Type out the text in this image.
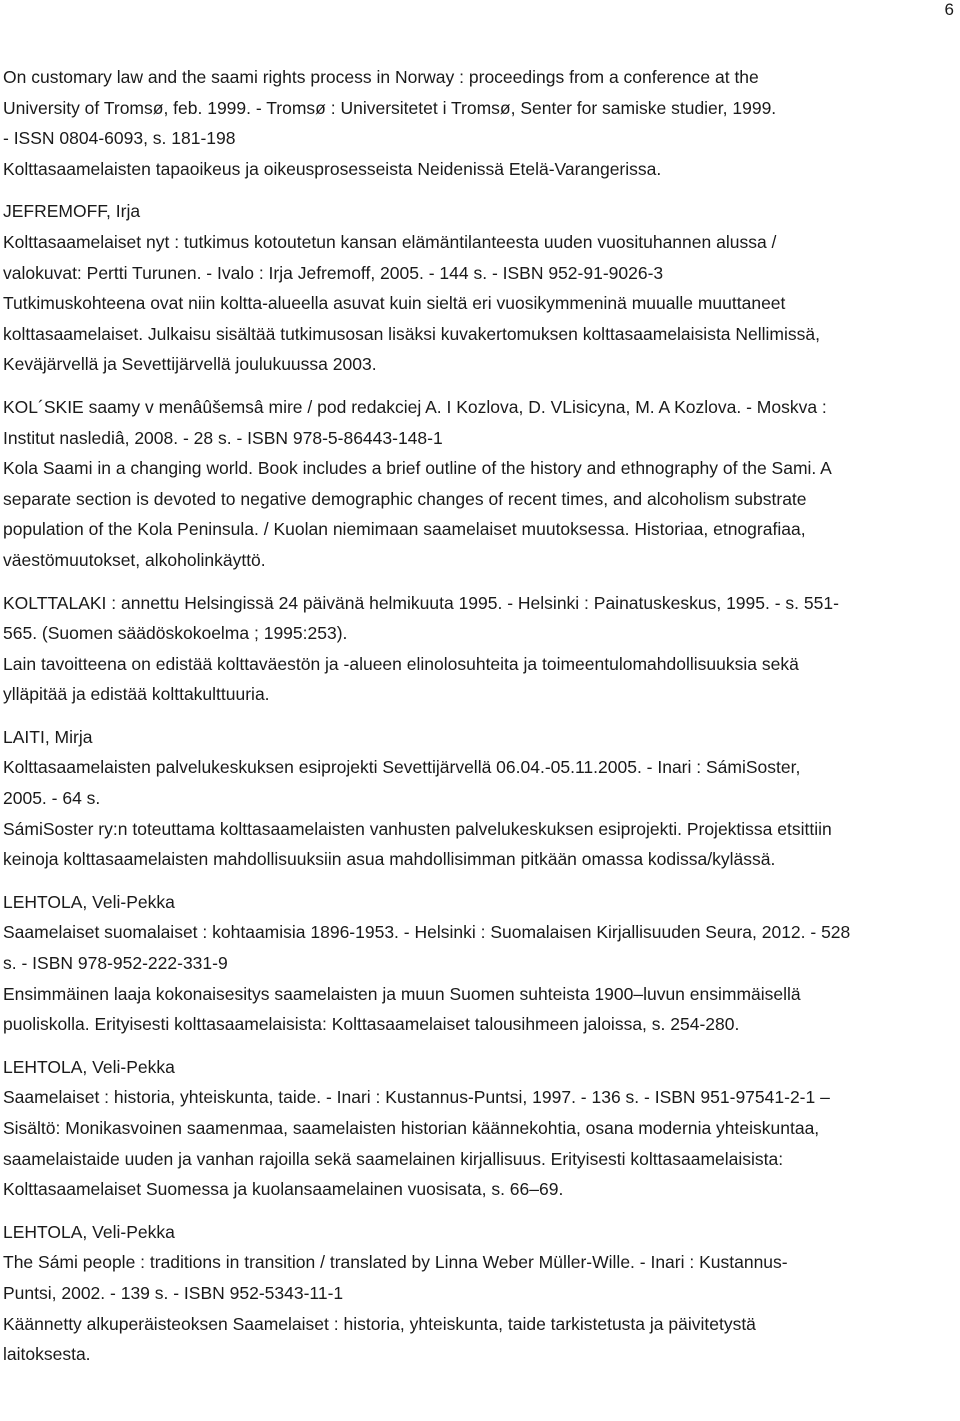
6
On customary law and the saami rights process in Norway : proceedings from a conference at the
University of Tromsø, feb. 1999. - Tromsø : Universitetet i Tromsø, Senter for samiske studier, 1999.
- ISSN 0804-6093, s. 181-198
Kolttasaamelaisten tapaoikeus ja oikeusprosesseista Neidenissä Etelä-Varangerissa.
JEFREMOFF, Irja
Kolttasaamelaiset nyt : tutkimus kotoutetun kansan elämäntilanteesta uuden vuosituhannen alussa /
valokuvat: Pertti Turunen. - Ivalo : Irja Jefremoff, 2005. - 144 s. - ISBN 952-91-9026-3
Tutkimuskohteena ovat niin koltta-alueella asuvat kuin sieltä eri vuosikymmeninä muualle muuttaneet
kolttasaamelaiset. Julkaisu sisältää tutkimusosan lisäksi kuvakertomuksen kolttasaamelaisista Nellimissä,
Keväjärvellä ja Sevettijärvellä joulukuussa 2003.
KOL´SKIE saamy v menâûšemsâ mire / pod redakciej A. I Kozlova, D. VLisicyna, M. A Kozlova. - Moskva :
Institut naslediâ, 2008. - 28 s. - ISBN 978-5-86443-148-1
Kola Saami in a changing world. Book includes a brief outline of the history and ethnography of the Sami. A
separate section is devoted to negative demographic changes of recent times, and alcoholism substrate
population of the Kola Peninsula. / Kuolan niemimaan saamelaiset muutoksessa. Historiaa, etnografiaa,
väestömuutokset, alkoholinkäyttö.
KOLTTALAKI : annettu Helsingissä 24 päivänä helmikuuta 1995. - Helsinki : Painatuskeskus, 1995. - s. 551-
565. (Suomen säädöskokoelma ; 1995:253).
Lain tavoitteena on edistää kolttaväestön ja -alueen elinolosuhteita ja toimeentulomahdollisuuksia sekä
ylläpitää ja edistää kolttakulttuuria.
LAITI, Mirja
Kolttasaamelaisten palvelukeskuksen esiprojekti Sevettijärvellä 06.04.-05.11.2005. - Inari : SámiSoster,
2005. - 64 s.
SámiSoster ry:n toteuttama kolttasaamelaisten vanhusten palvelukeskuksen esiprojekti. Projektissa etsittiin
keinoja kolttasaamelaisten mahdollisuuksiin asua mahdollisimman pitkään omassa kodissa/kylässä.
LEHTOLA, Veli-Pekka
Saamelaiset suomalaiset : kohtaamisia 1896-1953. - Helsinki : Suomalaisen Kirjallisuuden Seura, 2012. - 528
s. - ISBN 978-952-222-331-9
Ensimmäinen laaja kokonaisesitys saamelaisten ja muun Suomen suhteista 1900–luvun ensimmäisellä
puoliskolla. Erityisesti kolttasaamelaisista: Kolttasaamelaiset talousihmeen jaloissa, s. 254-280.
LEHTOLA, Veli-Pekka
Saamelaiset : historia, yhteiskunta, taide. - Inari : Kustannus-Puntsi, 1997. - 136 s. - ISBN 951-97541-2-1 –
Sisältö: Monikasvoinen saamenmaa, saamelaisten historian käännekohtia, osana modernia yhteiskuntaa,
saamelaistaide uuden ja vanhan rajoilla sekä saamelainen kirjallisuus. Erityisesti kolttasaamelaisista:
Kolttasaamelaiset Suomessa ja kuolansaamelainen vuosisata, s. 66–69.
LEHTOLA, Veli-Pekka
The Sámi people : traditions in transition / translated by Linna Weber Müller-Wille. - Inari : Kustannus-
Puntsi, 2002. - 139 s. - ISBN 952-5343-11-1
Käännetty alkuperäisteoksen Saamelaiset : historia, yhteiskunta, taide tarkistetusta ja päivitetystä
laitoksesta.
